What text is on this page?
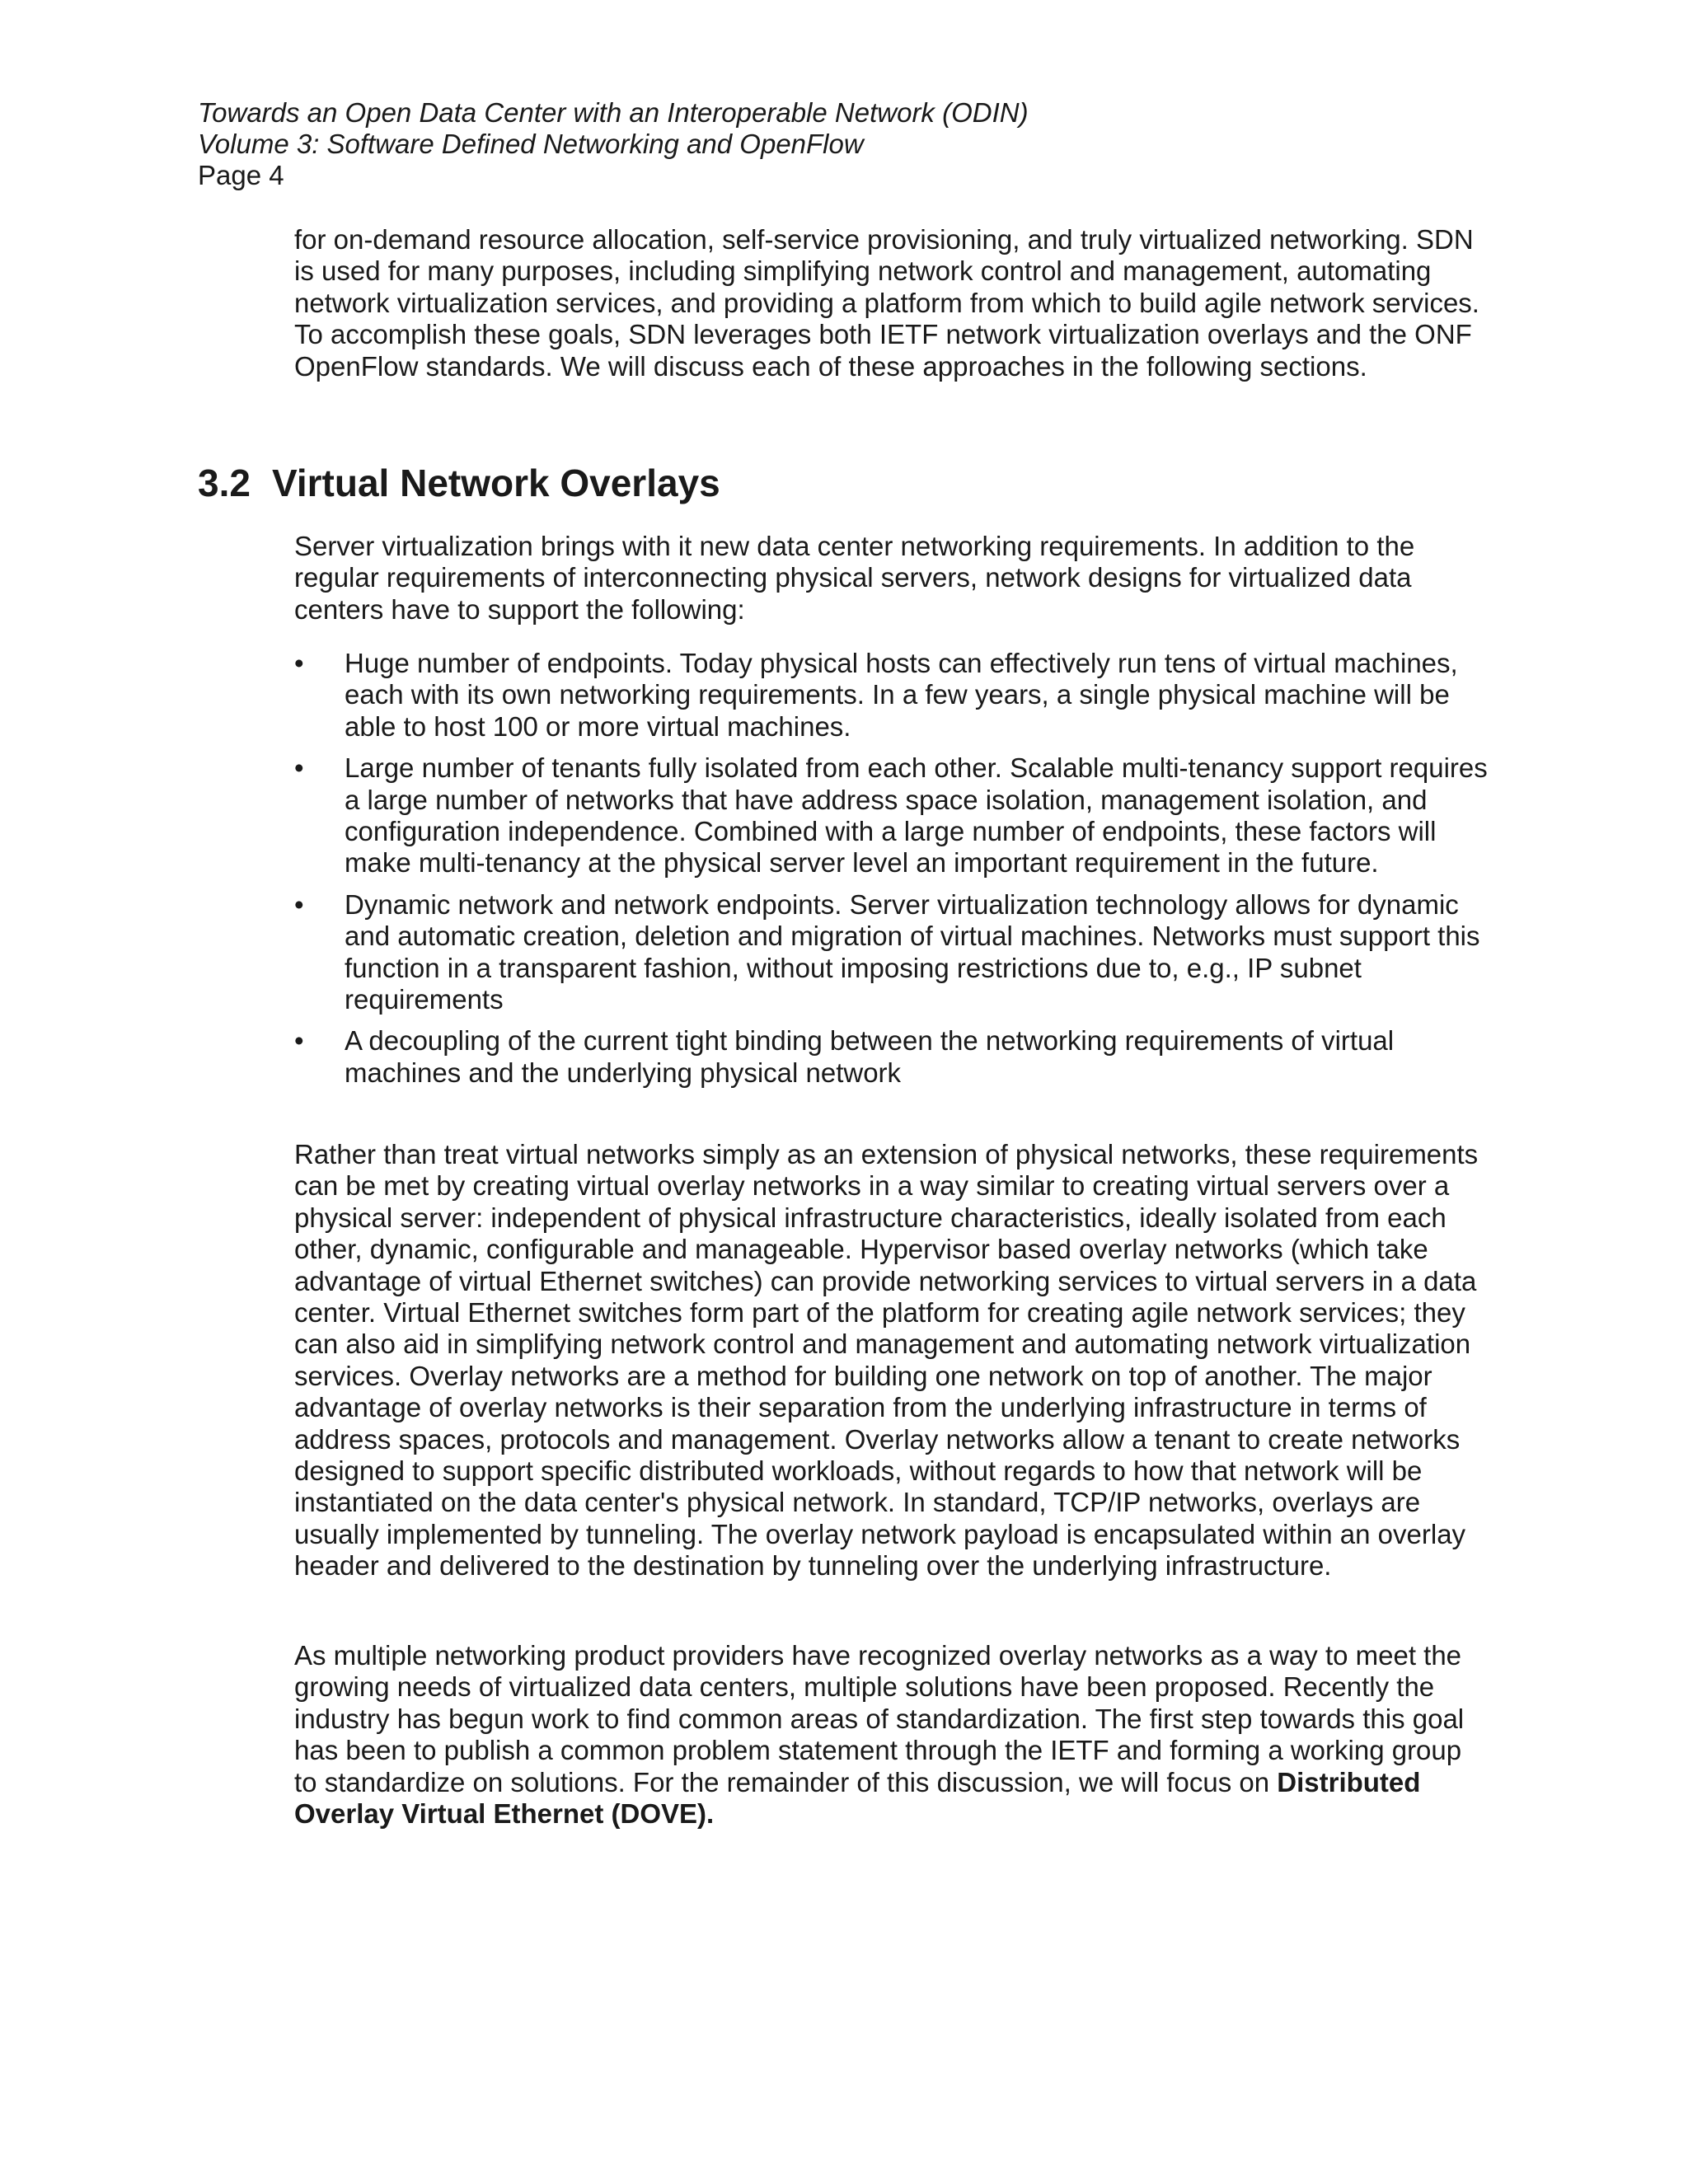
Towards an Open Data Center with an Interoperable Network (ODIN)
Volume 3: Software Defined Networking and OpenFlow
Page 4

for on-demand resource allocation, self-service provisioning, and truly virtualized networking. SDN is used for many purposes, including simplifying network control and management, automating network virtualization services, and providing a platform from which to build agile network services. To accomplish these goals, SDN leverages both IETF network virtualization overlays and the ONF OpenFlow standards. We will discuss each of these approaches in the following sections.

3.2 Virtual Network Overlays

Server virtualization brings with it new data center networking requirements. In addition to the regular requirements of interconnecting physical servers, network designs for virtualized data centers have to support the following:

• Huge number of endpoints. Today physical hosts can effectively run tens of virtual machines, each with its own networking requirements. In a few years, a single physical machine will be able to host 100 or more virtual machines.
• Large number of tenants fully isolated from each other. Scalable multi-tenancy support requires a large number of networks that have address space isolation, management isolation, and configuration independence. Combined with a large number of endpoints, these factors will make multi-tenancy at the physical server level an important requirement in the future.
• Dynamic network and network endpoints. Server virtualization technology allows for dynamic and automatic creation, deletion and migration of virtual machines. Networks must support this function in a transparent fashion, without imposing restrictions due to, e.g., IP subnet requirements
• A decoupling of the current tight binding between the networking requirements of virtual machines and the underlying physical network

Rather than treat virtual networks simply as an extension of physical networks, these requirements can be met by creating virtual overlay networks in a way similar to creating virtual servers over a physical server: independent of physical infrastructure characteristics, ideally isolated from each other, dynamic, configurable and manageable. Hypervisor based overlay networks (which take advantage of virtual Ethernet switches) can provide networking services to virtual servers in a data center. Virtual Ethernet switches form part of the platform for creating agile network services; they can also aid in simplifying network control and management and automating network virtualization services. Overlay networks are a method for building one network on top of another. The major advantage of overlay networks is their separation from the underlying infrastructure in terms of address spaces, protocols and management. Overlay networks allow a tenant to create networks designed to support specific distributed workloads, without regards to how that network will be instantiated on the data center's physical network. In standard, TCP/IP networks, overlays are usually implemented by tunneling. The overlay network payload is encapsulated within an overlay header and delivered to the destination by tunneling over the underlying infrastructure.

As multiple networking product providers have recognized overlay networks as a way to meet the growing needs of virtualized data centers, multiple solutions have been proposed. Recently the industry has begun work to find common areas of standardization. The first step towards this goal has been to publish a common problem statement through the IETF and forming a working group to standardize on solutions. For the remainder of this discussion, we will focus on Distributed Overlay Virtual Ethernet (DOVE).
